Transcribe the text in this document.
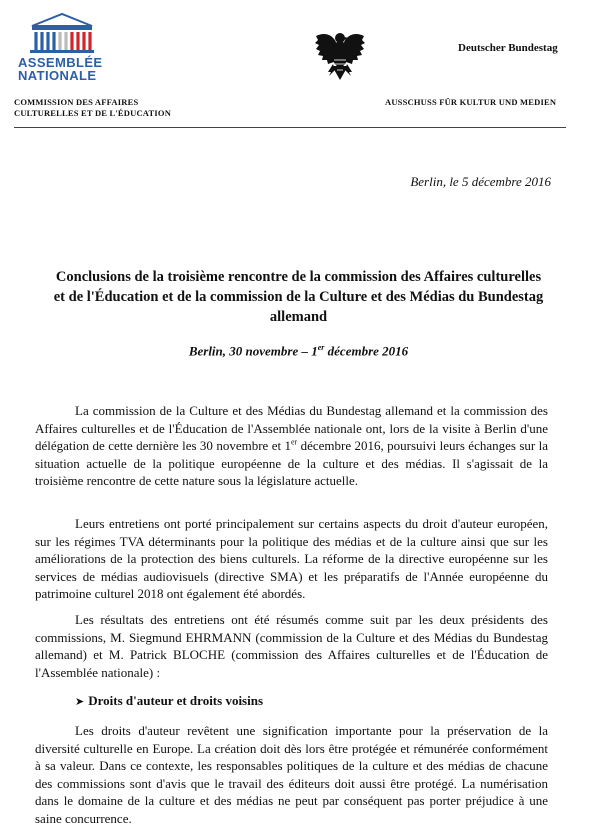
ASSEMBLÉE
NATIONALE
COMMISSION DES AFFAIRES
CULTURELLES ET DE L'ÉDUCATION
Deutscher Bundestag
AUSSCHUSS FÜR KULTUR UND MEDIEN
Berlin, le 5 décembre 2016
Conclusions de la troisième rencontre de la commission des Affaires culturelles et de l'Éducation et de la commission de la Culture et des Médias du Bundestag allemand
Berlin, 30 novembre – 1er décembre 2016
La commission de la Culture et des Médias du Bundestag allemand et la commission des Affaires culturelles et de l'Éducation de l'Assemblée nationale ont, lors de la visite à Berlin d'une délégation de cette dernière les 30 novembre et 1er décembre 2016, poursuivi leurs échanges sur la situation actuelle de la politique européenne de la culture et des médias. Il s'agissait de la troisième rencontre de cette nature sous la législature actuelle.
Leurs entretiens ont porté principalement sur certains aspects du droit d'auteur européen, sur les régimes TVA déterminants pour la politique des médias et de la culture ainsi que sur les améliorations de la protection des biens culturels. La réforme de la directive européenne sur les services de médias audiovisuels (directive SMA) et les préparatifs de l'Année européenne du patrimoine culturel 2018 ont également été abordés.
Les résultats des entretiens ont été résumés comme suit par les deux présidents des commissions, M. Siegmund EHRMANN (commission de la Culture et des Médias du Bundestag allemand) et M. Patrick BLOCHE (commission des Affaires culturelles et de l'Éducation de l'Assemblée nationale) :
➤ Droits d'auteur et droits voisins
Les droits d'auteur revêtent une signification importante pour la préservation de la diversité culturelle en Europe. La création doit dès lors être protégée et rémunérée conformément à sa valeur. Dans ce contexte, les responsables politiques de la culture et des médias de chacune des commissions sont d'avis que le travail des éditeurs doit aussi être protégé. La numérisation dans le domaine de la culture et des médias ne peut par conséquent pas porter préjudice à une saine concurrence.
